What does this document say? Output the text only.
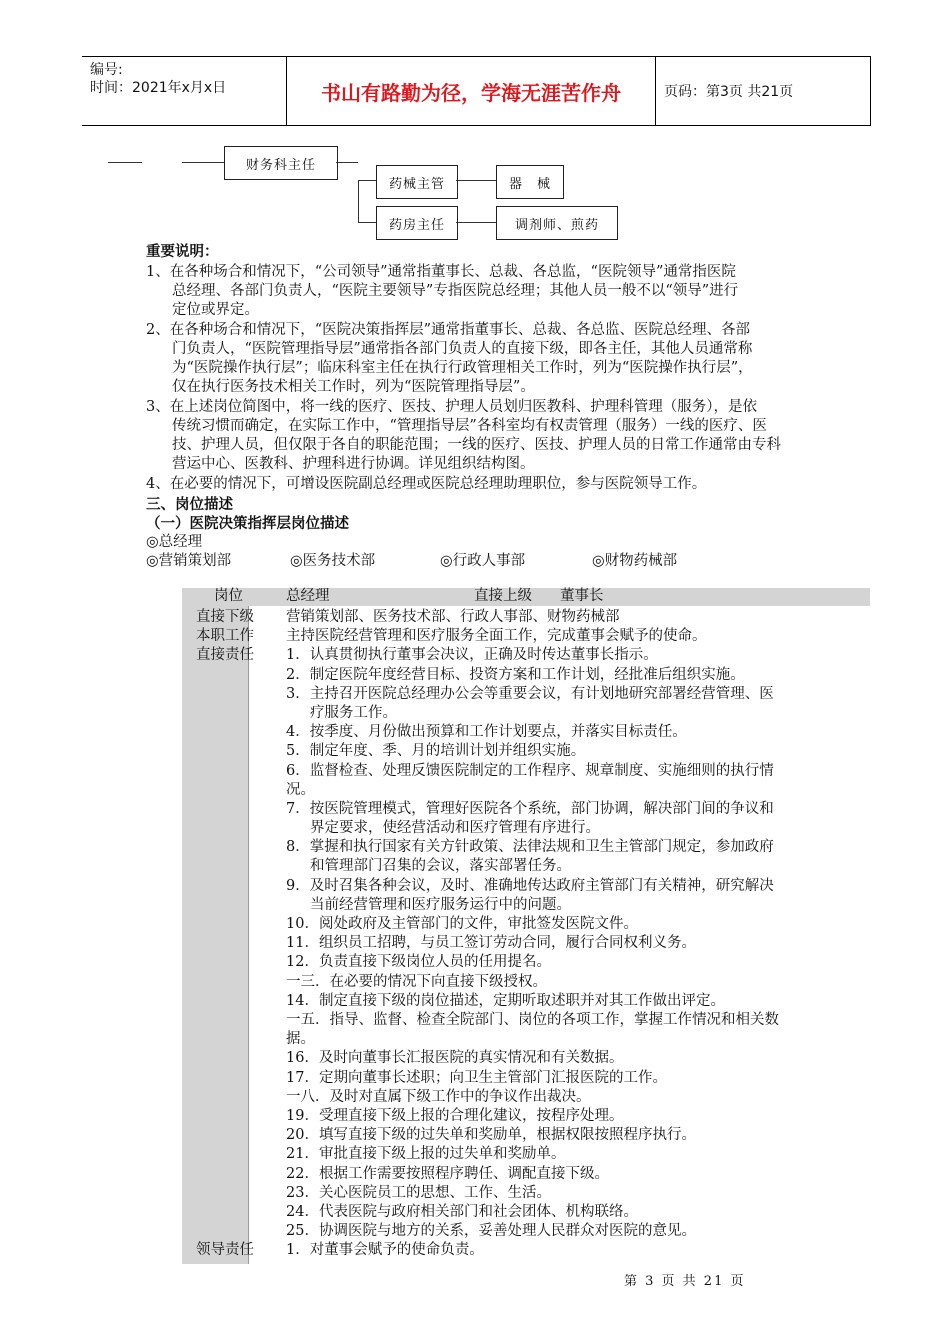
编号:
时间：2021年x月x日	书山有路勤为径，学海无涯苦作舟	页码：第3页 共21页
财务科主任
药械主管	器　械
药房主任	调剂师、煎药
重要说明：
1、在各种场合和情况下，“公司领导”通常指董事长、总裁、各总监，“医院领导”通常指医院
总经理、各部门负责人，“医院主要领导”专指医院总经理；其他人员一般不以“领导”进行
定位或界定。
2、在各种场合和情况下，“医院决策指挥层”通常指董事长、总裁、各总监、医院总经理、各部
门负责人，“医院管理指导层”通常指各部门负责人的直接下级，即各主任，其他人员通常称
为“医院操作执行层”；临床科室主任在执行行政管理相关工作时，列为“医院操作执行层”，
仅在执行医务技术相关工作时，列为“医院管理指导层”。
3、在上述岗位简图中，将一线的医疗、医技、护理人员划归医教科、护理科管理（服务），是依
传统习惯而确定，在实际工作中，“管理指导层”各科室均有权责管理（服务）一线的医疗、医
技、护理人员，但仅限于各自的职能范围；一线的医疗、医技、护理人员的日常工作通常由专科
营运中心、医教科、护理科进行协调。详见组织结构图。
4、在必要的情况下，可增设医院副总经理或医院总经理助理职位，参与医院领导工作。
三、岗位描述
（一）医院决策指挥层岗位描述
◎总经理
◎营销策划部	◎医务技术部	◎行政人事部	◎财物药械部
岗位	总经理	直接上级 董事长
直接下级	营销策划部、医务技术部、行政人事部、财物药械部
本职工作	主持医院经营管理和医疗服务全面工作，完成董事会赋予的使命。
直接责任	1．认真贯彻执行董事会决议，正确及时传达董事长指示。
2．制定医院年度经营目标、投资方案和工作计划，经批准后组织实施。
3．主持召开医院总经理办公会等重要会议，有计划地研究部署经营管理、医
疗服务工作。
4．按季度、月份做出预算和工作计划要点，并落实目标责任。
5．制定年度、季、月的培训计划并组织实施。
6．监督检查、处理反馈医院制定的工作程序、规章制度、实施细则的执行情
况。
7．按医院管理模式，管理好医院各个系统，部门协调，解决部门间的争议和
界定要求，使经营活动和医疗管理有序进行。
8．掌握和执行国家有关方针政策、法律法规和卫生主管部门规定，参加政府
和管理部门召集的会议，落实部署任务。
9．及时召集各种会议，及时、准确地传达政府主管部门有关精神，研究解决
当前经营管理和医疗服务运行中的问题。
10．阅处政府及主管部门的文件，审批签发医院文件。
11．组织员工招聘，与员工签订劳动合同，履行合同权利义务。
12．负责直接下级岗位人员的任用提名。
一三．在必要的情况下向直接下级授权。
14．制定直接下级的岗位描述，定期听取述职并对其工作做出评定。
一五．指导、监督、检查全院部门、岗位的各项工作，掌握工作情况和相关数
据。
16．及时向董事长汇报医院的真实情况和有关数据。
17．定期向董事长述职；向卫生主管部门汇报医院的工作。
一八．及时对直属下级工作中的争议作出裁决。
19．受理直接下级上报的合理化建议，按程序处理。
20．填写直接下级的过失单和奖励单，根据权限按照程序执行。
21．审批直接下级上报的过失单和奖励单。
22．根据工作需要按照程序聘任、调配直接下级。
23．关心医院员工的思想、工作、生活。
24．代表医院与政府相关部门和社会团体、机构联络。
25．协调医院与地方的关系，妥善处理人民群众对医院的意见。
领导责任	1．对董事会赋予的使命负责。
第 3 页 共 21 页
